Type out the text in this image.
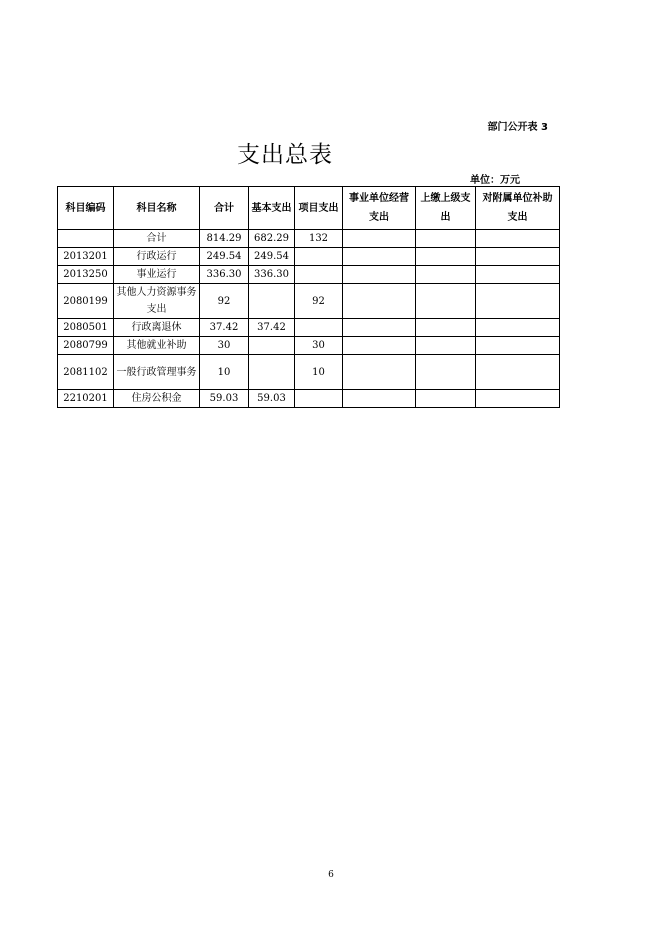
部门公开表 3
支出总表
单位：万元
科目编码	科目名称	合计	基本支出	项目支出	事业单位经营支出	上缴上级支出	对附属单位补助支出
	合计	814.29	682.29	132			
2013201	行政运行	249.54	249.54				
2013250	事业运行	336.30	336.30				
2080199	其他人力资源事务支出	92		92			
2080501	行政离退休	37.42	37.42				
2080799	其他就业补助	30		30			
2081102	一般行政管理事务	10		10			
2210201	住房公积金	59.03	59.03				
6
